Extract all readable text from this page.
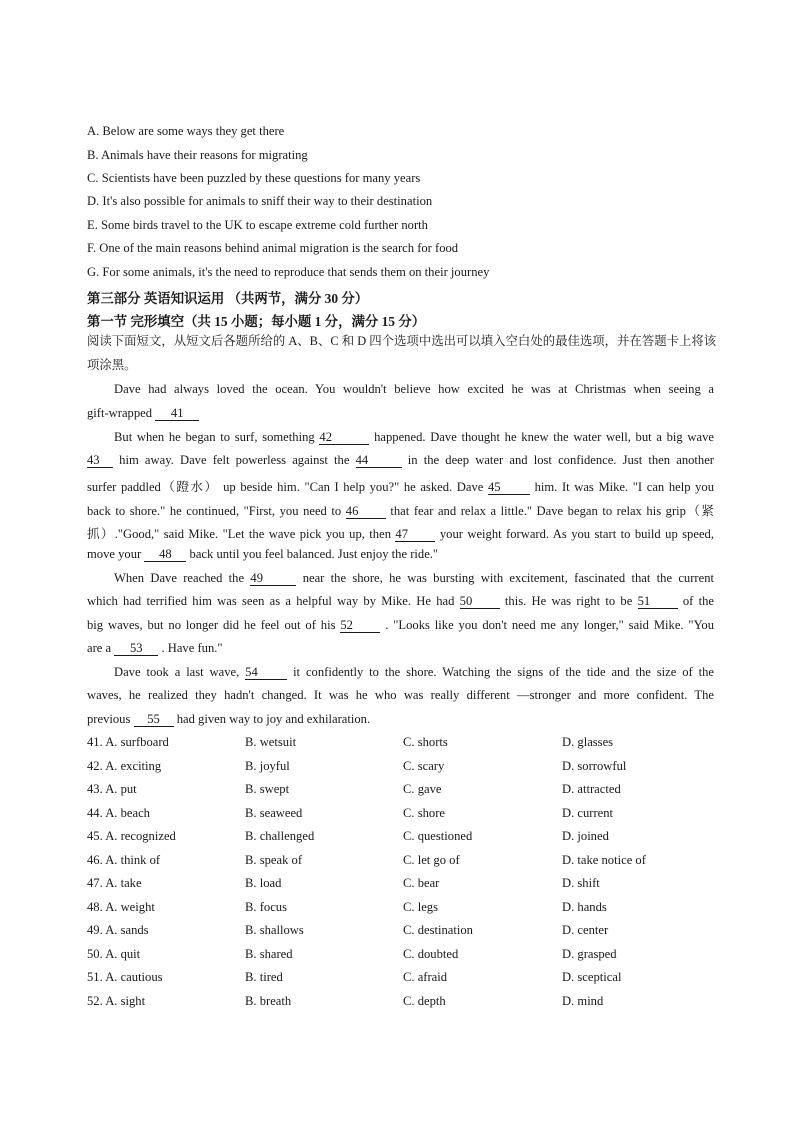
A. Below are some ways they get there
B. Animals have their reasons for migrating
C. Scientists have been puzzled by these questions for many years
D. It's also possible for animals to sniff their way to their destination
E. Some birds travel to the UK to escape extreme cold further north
F. One of the main reasons behind animal migration is the search for food
G. For some animals, it's the need to reproduce that sends them on their journey
第三部分 英语知识运用 （共两节，满分 30 分）
第一节 完形填空（共 15 小题；每小题 1 分，满分 15 分）
阅读下面短文，从短文后各题所给的 A、B、C 和 D 四个选项中选出可以填入空白处的最佳选项，并在答题卡上将该项涂黑。
Dave had always loved the ocean. You wouldn't believe how excited he was at Christmas when seeing a
gift-wrapped 41
But when he began to surf, something 42	happened. Dave thought he knew the water well, but a big wave
43 him away. Dave felt powerless against the 44	in the deep water and lost confidence. Just then another
surfer paddled（蹬水） up beside him. "Can I help you?" he asked. Dave 45	him. It was Mike. "I can help you
back to shore." he continued, "First, you need to 46	that fear and relax a little." Dave began to relax his grip（紧
抓）."Good," said Mike. "Let the wave pick you up, then 47	your weight forward. As you start to build up speed,
move your 48 back until you feel balanced. Just enjoy the ride."
When Dave reached the 49	near the shore, he was bursting with excitement, fascinated that the current
which had terrified him was seen as a helpful way by Mike. He had 50	this. He was right to be 51	of the
big waves, but no longer did he feel out of his 52	. "Looks like you don't need me any longer," said Mike. "You
are a 53 . Have fun."
Dave took a last wave, 54	it confidently to the shore. Watching the signs of the tide and the size of the
waves, he realized they hadn't changed. It was he who was really different —stronger and more confident. The
previous 55 had given way to joy and exhilaration.
41. A. surfboard	B. wetsuit	C. shorts	D. glasses
42. A. exciting	B. joyful	C. scary	D. sorrowful
43. A. put	B. swept	C. gave	D. attracted
44. A. beach	B. seaweed	C. shore	D. current
45. A. recognized	B. challenged	C. questioned	D. joined
46. A. think of	B. speak of	C. let go of	D. take notice of
47. A. take	B. load	C. bear	D. shift
48. A. weight	B. focus	C. legs	D. hands
49. A. sands	B. shallows	C. destination	D. center
50. A. quit	B. shared	C. doubted	D. grasped
51. A. cautious	B. tired	C. afraid	D. sceptical
52. A. sight	B. breath	C. depth	D. mind
